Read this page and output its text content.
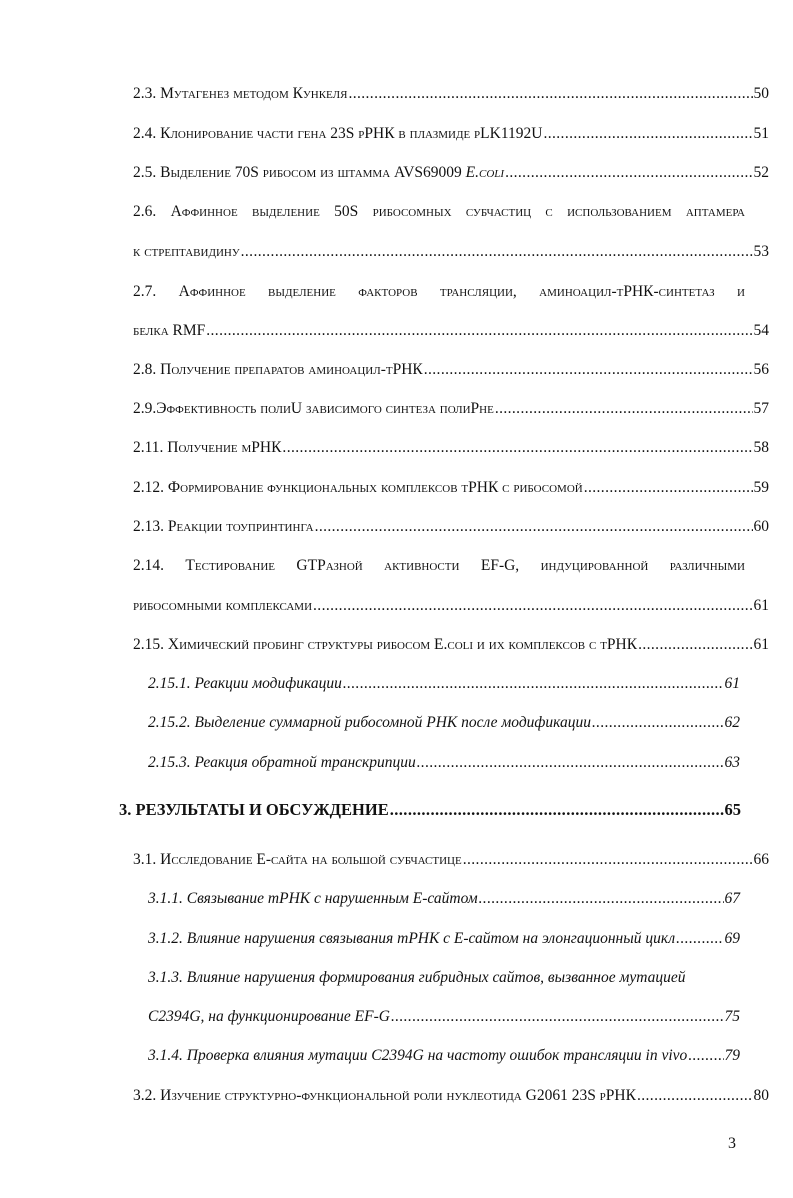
2.3. Мутагенез методом Кункеля .....	50
2.4. Клонирование части гена 23S рРНК в плазмиде pLK1192U .....	51
2.5. Выделение 70S рибосом из штамма AVS69009 E.coli .....	52
2.6. Аффинное выделение 50S рибосомных субчастиц с использованием аптамера
к стрептавидину .....	53
2.7. Аффинное выделение факторов трансляции, аминоацил-тРНК-синтетаз и
белка RMF .....	54
2.8. Получение препаратов аминоацил-тРНК .....	56
2.9.Эффективность полиU зависимого синтеза полиPhe .....	57
2.11. Получение мРНК .....	58
2.12. Формирование функциональных комплексов тРНК с рибосомой .....	59
2.13. Реакции тоупринтинга .....	60
2.14. Тестирование GTPазной активности EF-G, индуцированной различными
рибосомными комплексами .....	61
2.15. Химический пробинг структуры рибосом E.coli и их комплексов с тРНК .....	61
2.15.1. Реакции модификации .....	61
2.15.2. Выделение суммарной рибосомной РНК после модификации .....	62
2.15.3. Реакция обратной транскрипции .....	63
3. РЕЗУЛЬТАТЫ И ОБСУЖДЕНИЕ .....	65
3.1. Исследование Е-сайта на большой субчастице .....	66
3.1.1. Связывание тРНК с нарушенным Е-сайтом .....	67
3.1.2. Влияние нарушения связывания тРНК с Е-сайтом на элонгационный цикл .....	69
3.1.3. Влияние нарушения формирования гибридных сайтов, вызванное мутацией
C2394G, на функционирование EF-G .....	75
3.1.4. Проверка влияния мутации C2394G на частоту ошибок трансляции in vivo ..... 79
3.2. Изучение структурно-функциональной роли нуклеотида G2061 23S рРНК .....	80
3
